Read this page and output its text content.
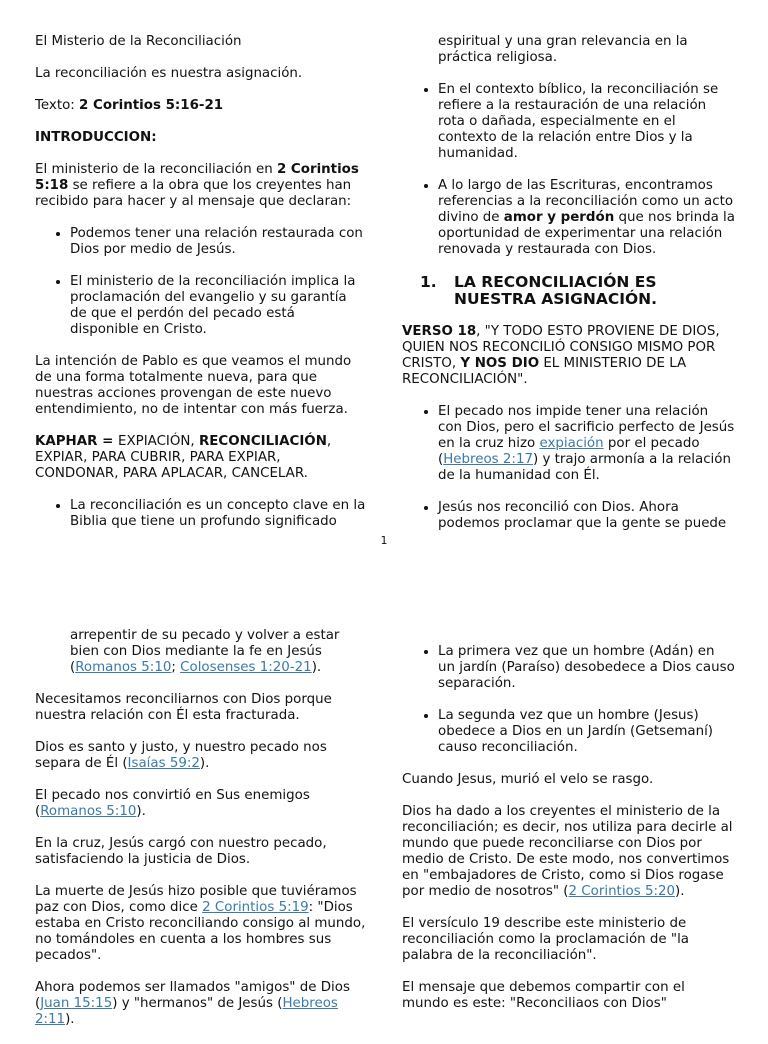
El Misterio de la Reconciliación

La reconciliación es nuestra asignación.

Texto: 2 Corintios 5:16-21

INTRODUCCION:

El ministerio de la reconciliación en 2 Corintios 5:18 se refiere a la obra que los creyentes han recibido para hacer y al mensaje que declaran:

• Podemos tener una relación restaurada con Dios por medio de Jesús.
• El ministerio de la reconciliación implica la proclamación del evangelio y su garantía de que el perdón del pecado está disponible en Cristo.

La intención de Pablo es que veamos el mundo de una forma totalmente nueva, para que nuestras acciones provengan de este nuevo entendimiento, no de intentar con más fuerza.

KAPHAR = EXPIACIÓN, RECONCILIACIÓN, EXPIAR, PARA CUBRIR, PARA EXPIAR, CONDONAR, PARA APLACAR, CANCELAR.

• La reconciliación es un concepto clave en la Biblia que tiene un profundo significado

espiritual y una gran relevancia en la práctica religiosa.

• En el contexto bíblico, la reconciliación se refiere a la restauración de una relación rota o dañada, especialmente en el contexto de la relación entre Dios y la humanidad.
• A lo largo de las Escrituras, encontramos referencias a la reconciliación como un acto divino de amor y perdón que nos brinda la oportunidad de experimentar una relación renovada y restaurada con Dios.
1.	LA RECONCILIACIÓN ES NUESTRA ASIGNACIÓN.

VERSO 18, "Y TODO ESTO PROVIENE DE DIOS, QUIEN NOS RECONCILIÓ CONSIGO MISMO POR CRISTO, Y NOS DIO EL MINISTERIO DE LA RECONCILIACIÓN".

• El pecado nos impide tener una relación con Dios, pero el sacrificio perfecto de Jesús en la cruz hizo expiación por el pecado (Hebreos 2:17) y trajo armonía a la relación de la humanidad con Él.
• Jesús nos reconcilió con Dios. Ahora podemos proclamar que la gente se puede
1

arrepentir de su pecado y volver a estar bien con Dios mediante la fe en Jesús (Romanos 5:10; Colosenses 1:20-21).

Necesitamos reconciliarnos con Dios porque nuestra relación con Él esta fracturada.

Dios es santo y justo, y nuestro pecado nos separa de Él (Isaías 59:2).

El pecado nos convirtió en Sus enemigos (Romanos 5:10).

En la cruz, Jesús cargó con nuestro pecado, satisfaciendo la justicia de Dios.

La muerte de Jesús hizo posible que tuviéramos paz con Dios, como dice 2 Corintios 5:19: "Dios estaba en Cristo reconciliando consigo al mundo, no tomándoles en cuenta a los hombres sus pecados".

Ahora podemos ser llamados "amigos" de Dios (Juan 15:15) y "hermanos" de Jesús (Hebreos 2:11).

• La primera vez que un hombre (Adán) en un jardín (Paraíso) desobedece a Dios causo separación.
• La segunda vez que un hombre (Jesus) obedece a Dios en un Jardín (Getsemaní) causo reconciliación.

Cuando Jesus, murió el velo se rasgo.

Dios ha dado a los creyentes el ministerio de la reconciliación; es decir, nos utiliza para decirle al mundo que puede reconciliarse con Dios por medio de Cristo. De este modo, nos convertimos en "embajadores de Cristo, como si Dios rogase por medio de nosotros" (2 Corintios 5:20).

El versículo 19 describe este ministerio de reconciliación como la proclamación de "la palabra de la reconciliación".

El mensaje que debemos compartir con el mundo es este: "Reconciliaos con Dios"
